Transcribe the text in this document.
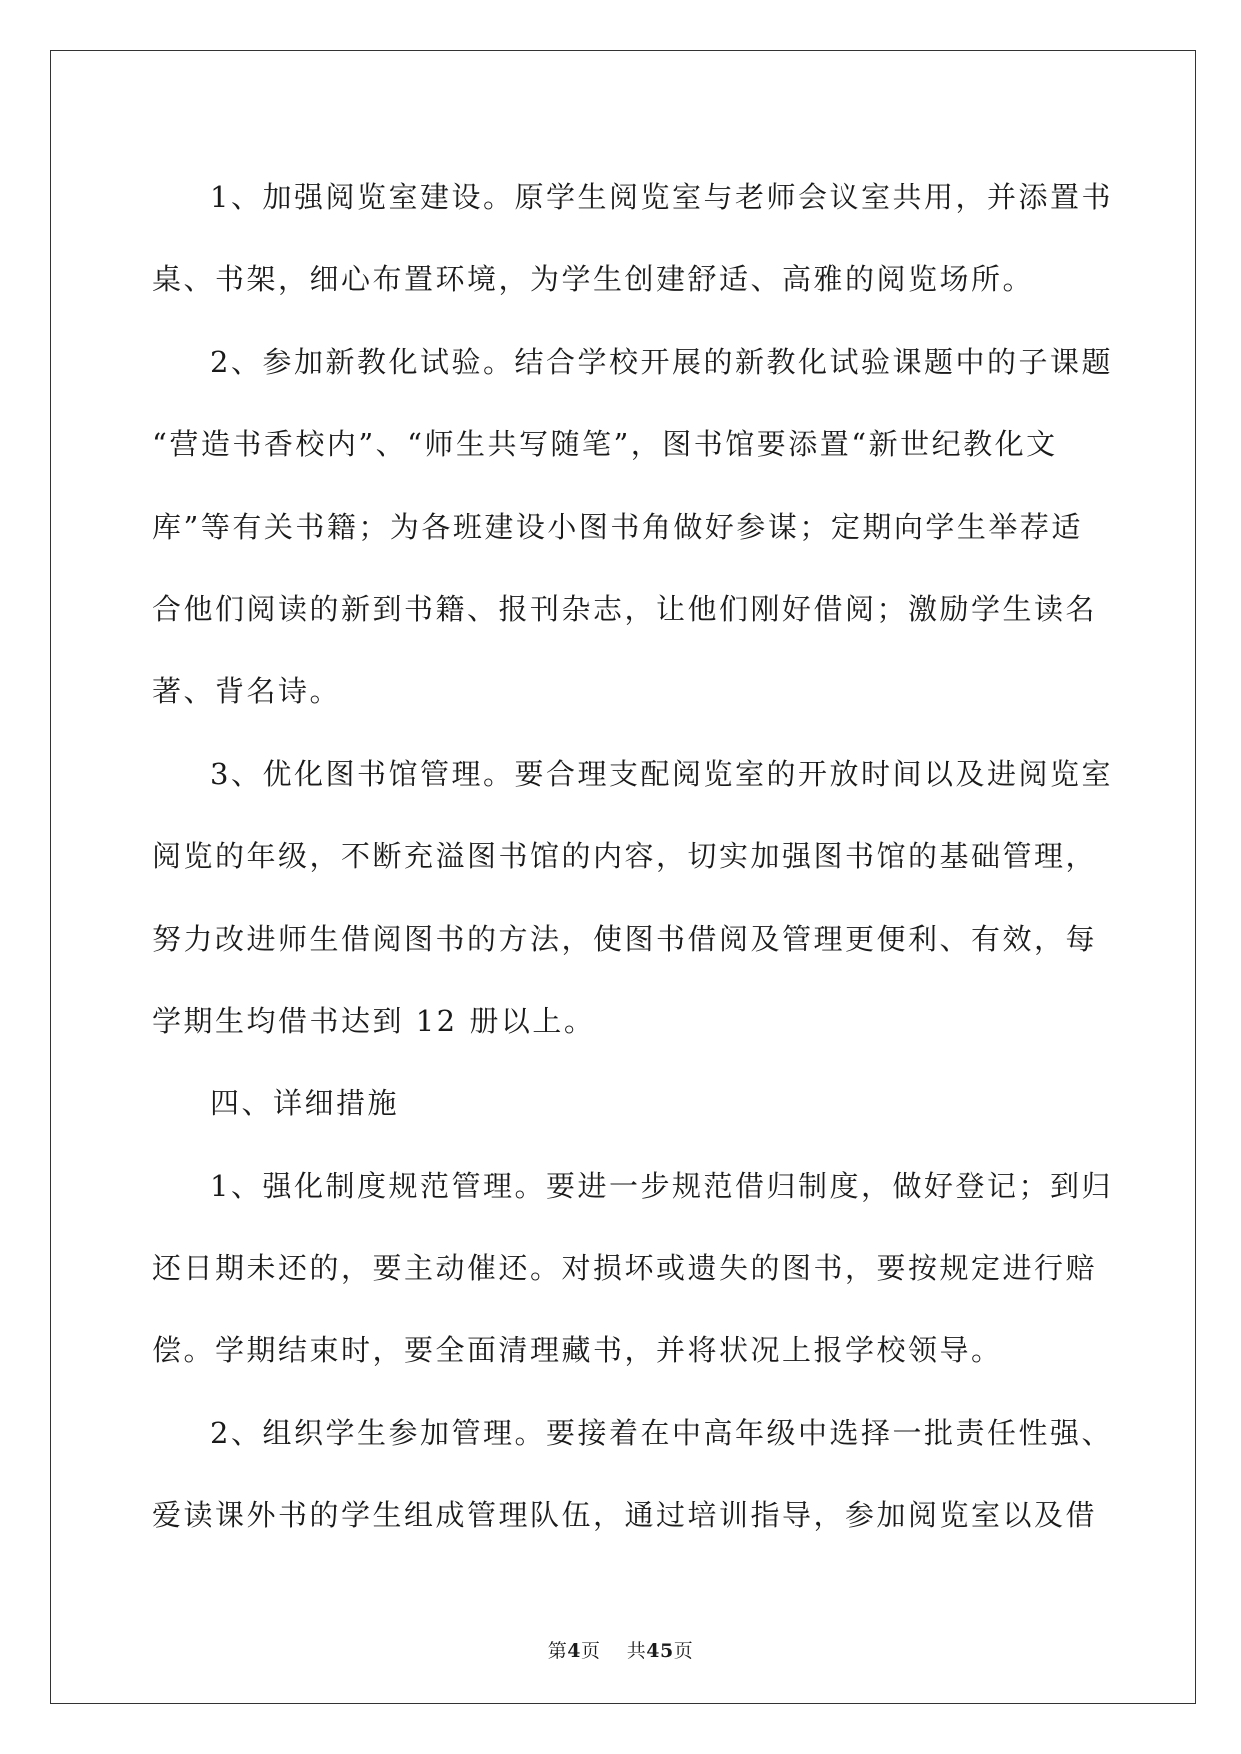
1、加强阅览室建设。原学生阅览室与老师会议室共用，并添置书
桌、书架，细心布置环境，为学生创建舒适、高雅的阅览场所。
2、参加新教化试验。结合学校开展的新教化试验课题中的子课题
“营造书香校内”、“师生共写随笔”，图书馆要添置“新世纪教化文
库”等有关书籍；为各班建设小图书角做好参谋；定期向学生举荐适
合他们阅读的新到书籍、报刊杂志，让他们刚好借阅；激励学生读名
著、背名诗。
3、优化图书馆管理。要合理支配阅览室的开放时间以及进阅览室
阅览的年级，不断充溢图书馆的内容，切实加强图书馆的基础管理，
努力改进师生借阅图书的方法，使图书借阅及管理更便利、有效，每
学期生均借书达到 12 册以上。
四、详细措施
1、强化制度规范管理。要进一步规范借归制度，做好登记；到归
还日期未还的，要主动催还。对损坏或遗失的图书，要按规定进行赔
偿。学期结束时，要全面清理藏书，并将状况上报学校领导。
2、组织学生参加管理。要接着在中高年级中选择一批责任性强、
爱读课外书的学生组成管理队伍，通过培训指导，参加阅览室以及借
第4页 共45页
